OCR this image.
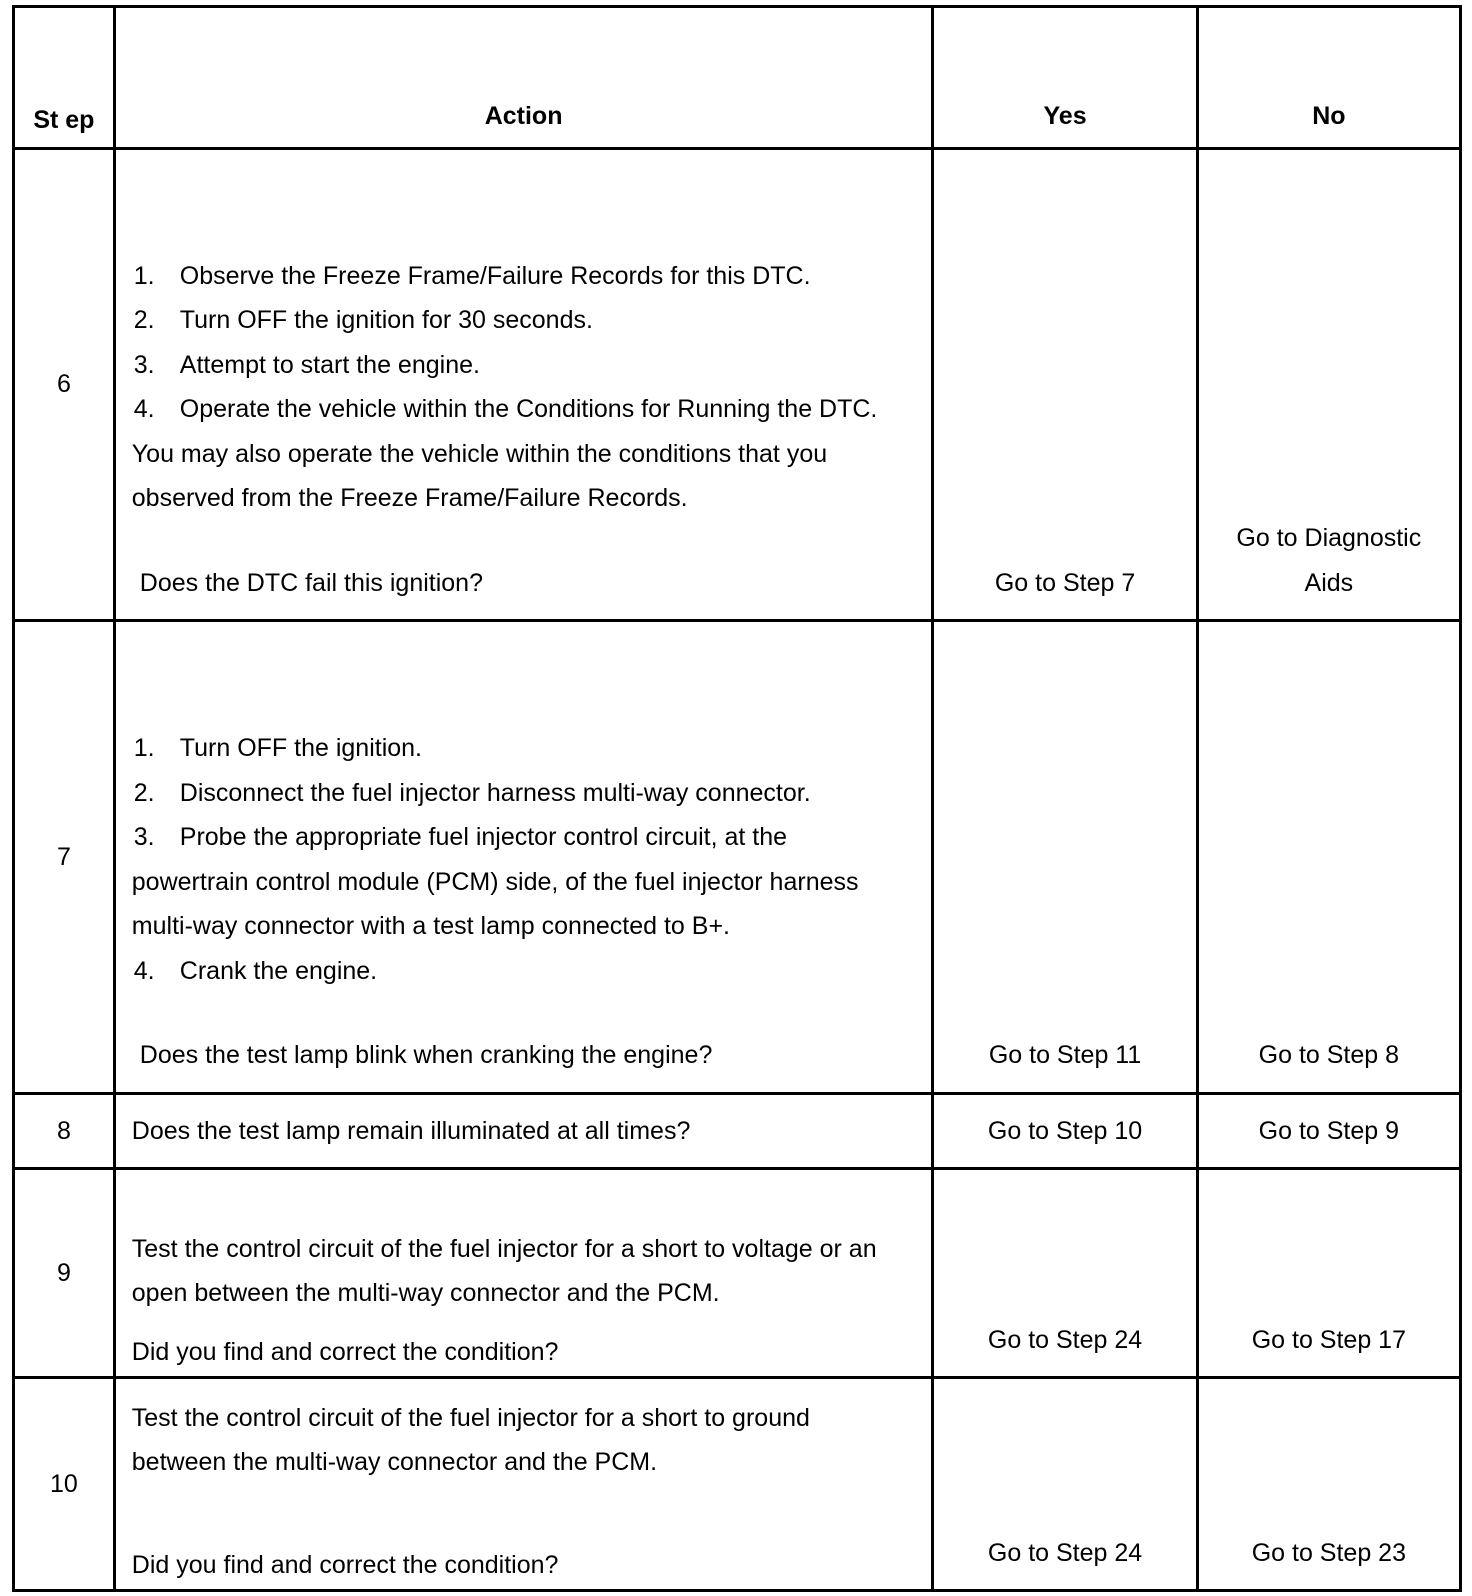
St ep	Action	Yes	No
6	1. Observe the Freeze Frame/Failure Records for this DTC.
2. Turn OFF the ignition for 30 seconds.
3. Attempt to start the engine.
4. Operate the vehicle within the Conditions for Running the DTC. You may also operate the vehicle within the conditions that you observed from the Freeze Frame/Failure Records.
Does the DTC fail this ignition?	Go to Step 7	Go to Diagnostic Aids

7	1. Turn OFF the ignition.
2. Disconnect the fuel injector harness multi-way connector.
3. Probe the appropriate fuel injector control circuit, at the powertrain control module (PCM) side, of the fuel injector harness multi-way connector with a test lamp connected to B+.
4. Crank the engine.
Does the test lamp blink when cranking the engine?	Go to Step 11	Go to Step 8
8	Does the test lamp remain illuminated at all times?	Go to Step 10	Go to Step 9
9	Test the control circuit of the fuel injector for a short to voltage or an open between the multi-way connector and the PCM.
Did you find and correct the condition?	Go to Step 24	Go to Step 17
10	Test the control circuit of the fuel injector for a short to ground between the multi-way connector and the PCM.
Did you find and correct the condition?	Go to Step 24	Go to Step 23
